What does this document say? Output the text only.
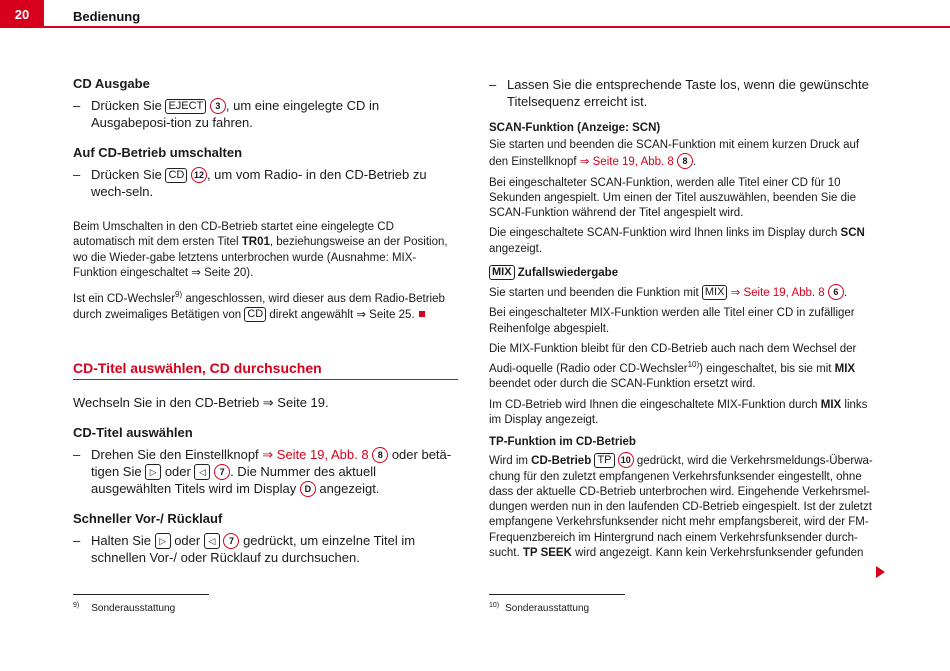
20	Bedienung
CD Ausgabe
– Drücken Sie EJECT 3 , um eine eingelegte CD in Ausgabeposi-tion zu fahren.
Auf CD-Betrieb umschalten
– Drücken Sie CD 12 , um vom Radio- in den CD-Betrieb zu wech-seln.

Beim Umschalten in den CD-Betrieb startet eine eingelegte CD automatisch mit dem ersten Titel TR01, beziehungsweise an der Position, wo die Wieder-gabe letztens unterbrochen wurde (Ausnahme: MIX-Funktion eingeschaltet ⇒ Seite 20).

Ist ein CD-Wechsler$^{9)}$ angeschlossen, wird dieser aus dem Radio-Betrieb durch zweimaliges Betätigen von CD direkt angewählt ⇒ Seite 25.

CD-Titel auswählen, CD durchsuchen

Wechseln Sie in den CD-Betrieb ⇒ Seite 19.

CD-Titel auswählen
– Drehen Sie den Einstellknopf ⇒ Seite 19, Abb. 8 8 oder betä-tigen Sie ▷ oder ◁ 7 . Die Nummer des aktuell ausgewählten Titels wird im Display D angezeigt.
Schneller Vor-/ Rücklauf
– Halten Sie ▷ oder ◁ 7 gedrückt, um einzelne Titel im schnellen Vor-/ oder Rücklauf zu durchsuchen.
$^{9)}$ Sonderausstattung
– Lassen Sie die entsprechende Taste los, wenn die gewünschte Titelsequenz erreicht ist.
SCAN-Funktion (Anzeige: SCN)

Sie starten und beenden die SCAN-Funktion mit einem kurzen Druck auf den Einstellknopf ⇒ Seite 19, Abb. 8 8 .

Bei eingeschalteter SCAN-Funktion, werden alle Titel einer CD für 10 Sekunden angespielt. Um einen der Titel auszuwählen, beenden Sie die SCAN-Funktion während der Titel angespielt wird.

Die eingeschaltete SCAN-Funktion wird Ihnen links im Display durch SCN angezeigt.

MIX Zufallswiedergabe

Sie starten und beenden die Funktion mit MIX ⇒ Seite 19, Abb. 8 6 .

Bei eingeschalteter MIX-Funktion werden alle Titel einer CD in zufälliger Reihenfolge abgespielt.

Die MIX-Funktion bleibt für den CD-Betrieb auch nach dem Wechsel der Audi-oquelle (Radio oder CD-Wechsler$^{10)}$) eingeschaltet, bis sie mit MIX beendet oder durch die SCAN-Funktion ersetzt wird.

Im CD-Betrieb wird Ihnen die eingeschaltete MIX-Funktion durch MIX links im Display angezeigt.

TP-Funktion im CD-Betrieb

Wird im CD-Betrieb TP 10 gedrückt, wird die Verkehrsmeldungs-Überwa-chung für den zuletzt empfangenen Verkehrsfunksender eingestellt, ohne dass der aktuelle CD-Betrieb unterbrochen wird. Eingehende Verkehrsmel-dungen werden nun in den laufenden CD-Betrieb eingespielt. Ist der zuletzt empfangene Verkehrsfunksender nicht mehr empfangsbereit, wird der FM-Frequenzbereich im Hintergrund nach einem Verkehrsfunksender durch-sucht. TP SEEK wird angezeigt. Kann kein Verkehrsfunksender gefunden

$^{10)}$ Sonderausstattung
